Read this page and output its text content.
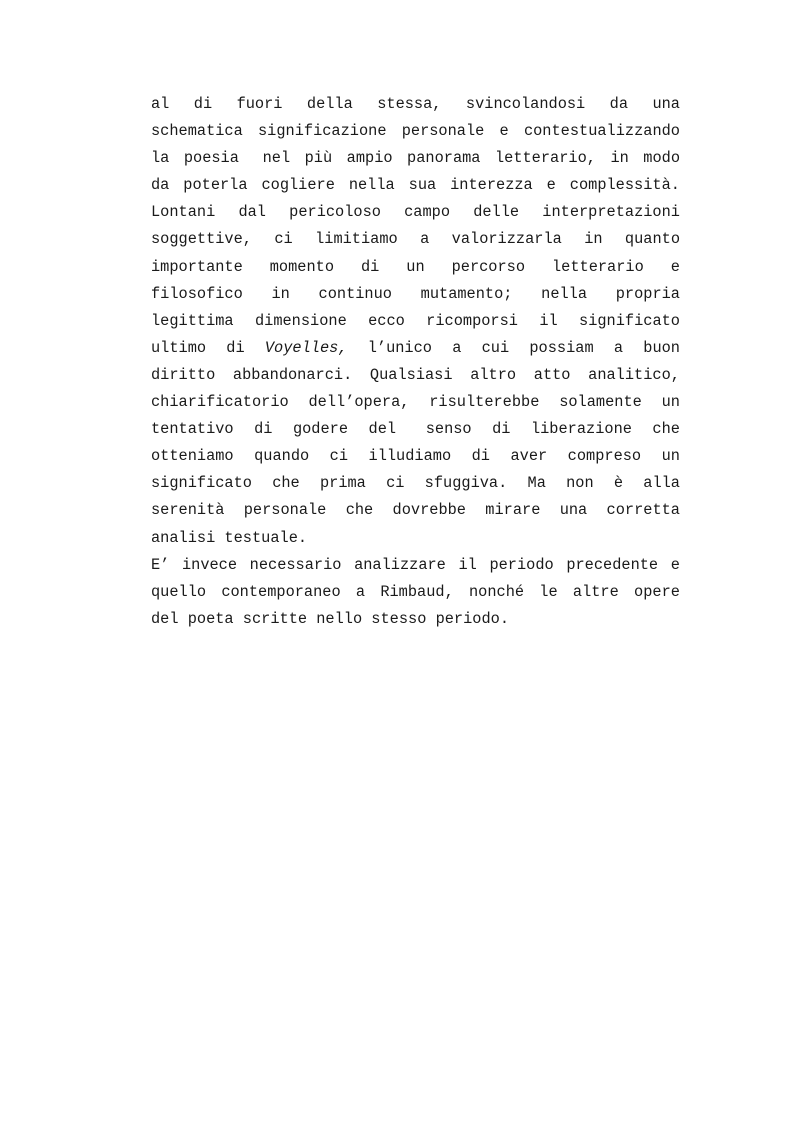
al di fuori della stessa, svincolandosi da una
schematica significazione personale e contestualizzando
la poesia nel più ampio panorama letterario, in modo
da poterla cogliere nella sua interezza e complessità.
Lontani dal pericoloso campo delle interpretazioni
soggettive, ci limitiamo a valorizzarla in quanto
importante momento di un percorso letterario e
filosofico in continuo mutamento; nella propria
legittima dimensione ecco ricomporsi il significato
ultimo di Voyelles, l’unico a cui possiam a buon
diritto abbandonarci. Qualsiasi altro atto analitico,
chiarificatorio dell’opera, risulterebbe solamente un
tentativo di godere del senso di liberazione che
otteniamo quando ci illudiamo di aver compreso un
significato che prima ci sfuggiva. Ma non è alla
serenità personale che dovrebbe mirare una corretta
analisi testuale.
E’ invece necessario analizzare il periodo precedente e
quello contemporaneo a Rimbaud, nonché le altre opere
del poeta scritte nello stesso periodo.
